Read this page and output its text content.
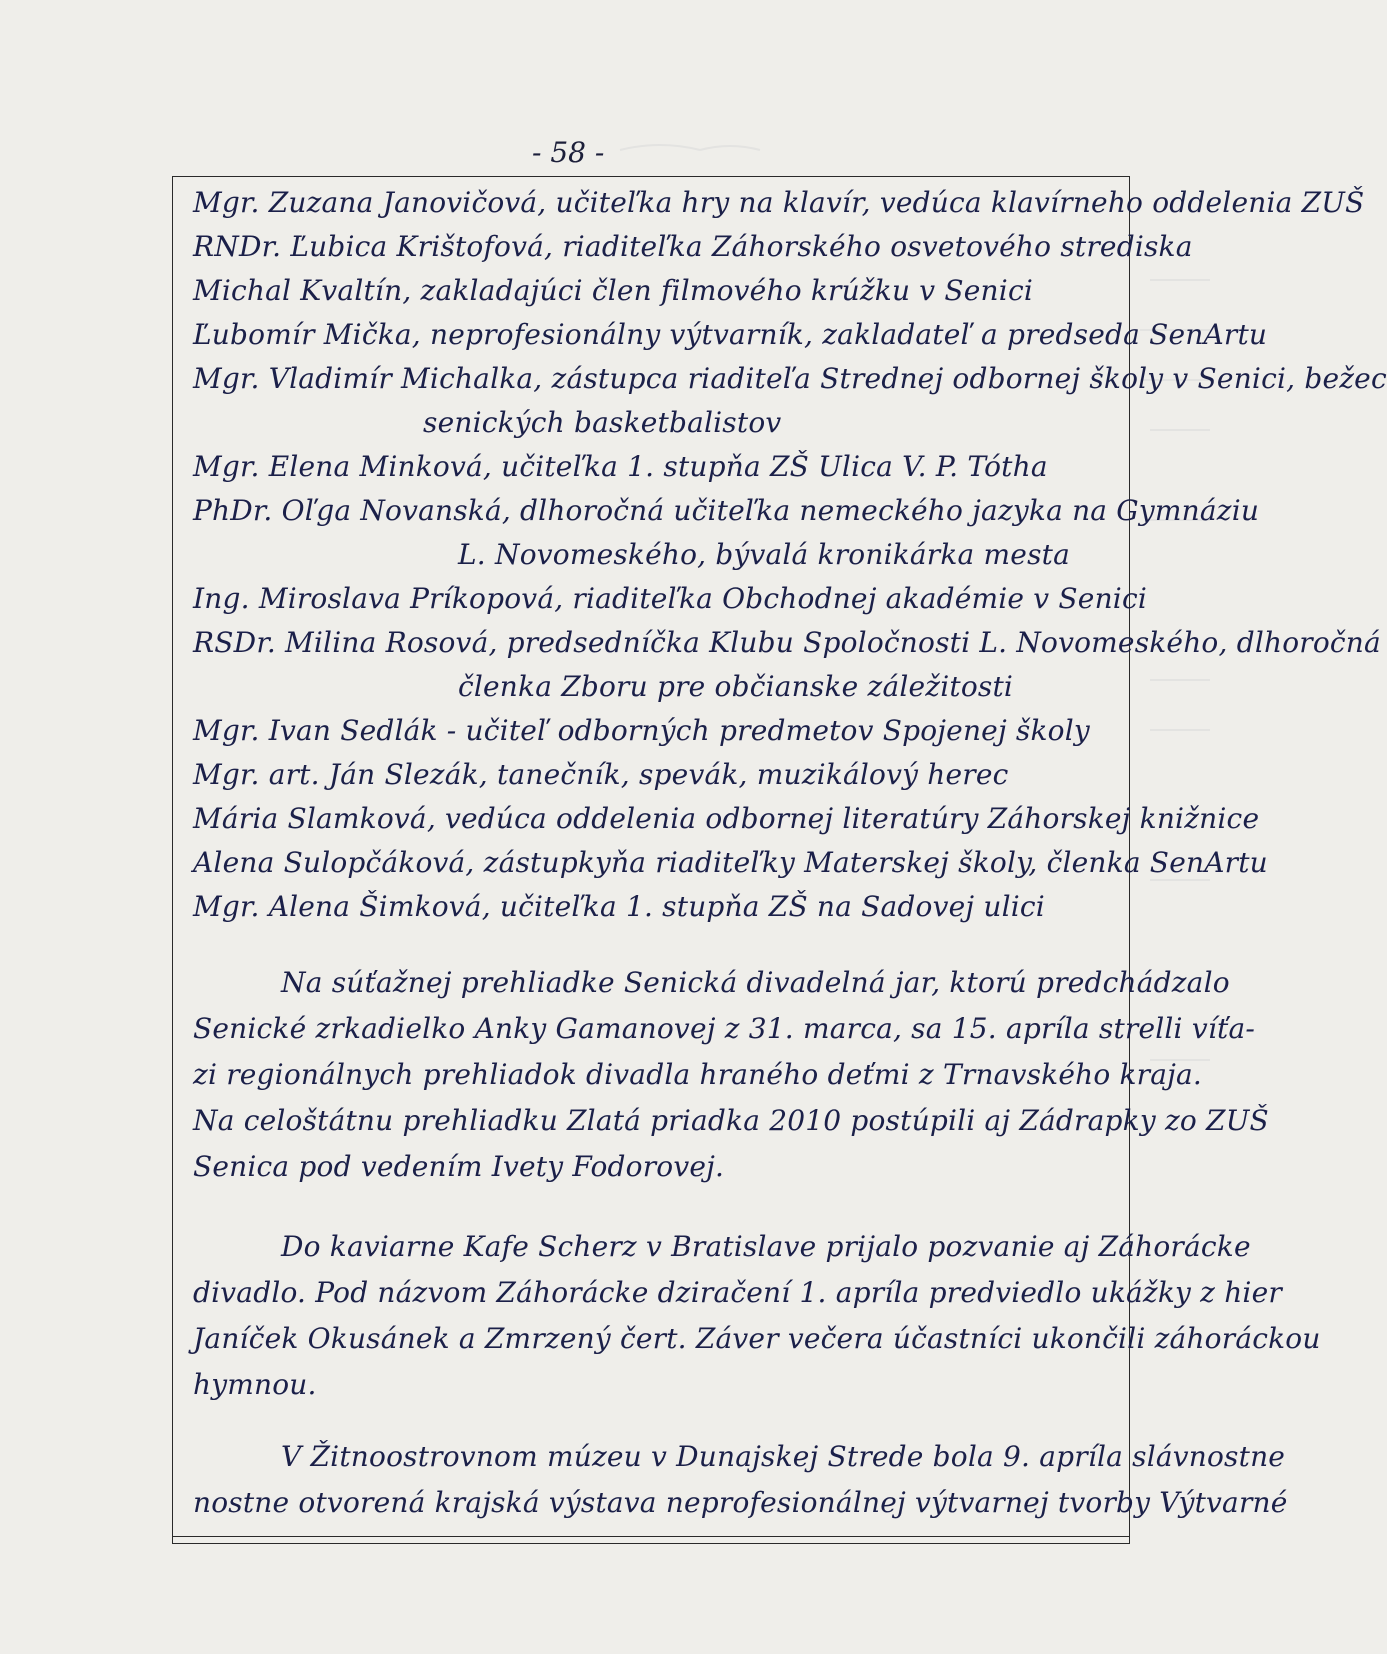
- 58 -
Mgr. Zuzana Janovičová, učiteľka hry na klavír, vedúca klavírneho oddelenia ZUŠ
RNDr. Ľubica Krištofová, riaditeľka Záhorského osvetového strediska
Michal Kvaltín, zakladajúci člen filmového krúžku v Senici
Ľubomír Mička, neprofesionálny výtvarník, zakladateľ a predseda SenArtu
Mgr. Vladimír Michalka, zástupca riaditeľa Strednej odbornej školy v Senici, bežec
senických basketbalistov
Mgr. Elena Minková, učiteľka 1. stupňa ZŠ Ulica V. P. Tótha
PhDr. Oľga Novanská, dlhoročná učiteľka nemeckého jazyka na Gymnáziu
L. Novomeského, bývalá kronikárka mesta
Ing. Miroslava Príkopová, riaditeľka Obchodnej akadémie v Senici
RSDr. Milina Rosová, predsedníčka Klubu Spoločnosti L. Novomeského, dlhoročná
členka Zboru pre občianske záležitosti
Mgr. Ivan Sedlák - učiteľ odborných predmetov Spojenej školy
Mgr. art. Ján Slezák, tanečník, spevák, muzikálový herec
Mária Slamková, vedúca oddelenia odbornej literatúry Záhorskej knižnice
Alena Sulopčáková, zástupkyňa riaditeľky Materskej školy, členka SenArtu
Mgr. Alena Šimková, učiteľka 1. stupňa ZŠ na Sadovej ulici
Na súťažnej prehliadke Senická divadelná jar, ktorú predchádzalo
Senické zrkadielko Anky Gamanovej z 31. marca, sa 15. apríla strelli víťa-
zi regionálnych prehliadok divadla hraného deťmi z Trnavského kraja.
Na celoštátnu prehliadku Zlatá priadka 2010 postúpili aj Zádrapky zo ZUŠ
Senica pod vedením Ivety Fodorovej.
Do kaviarne Kafe Scherz v Bratislave prijalo pozvanie aj Záhorácke
divadlo. Pod názvom Záhorácke dziračení 1. apríla predviedlo ukážky z hier
Janíček Okusánek a Zmrzený čert. Záver večera účastníci ukončili záhoráckou
hymnou.
V Žitnoostrovnom múzeu v Dunajskej Strede bola 9. apríla slávnostne
nostne otvorená krajská výstava neprofesionálnej výtvarnej tvorby Výtvarné
